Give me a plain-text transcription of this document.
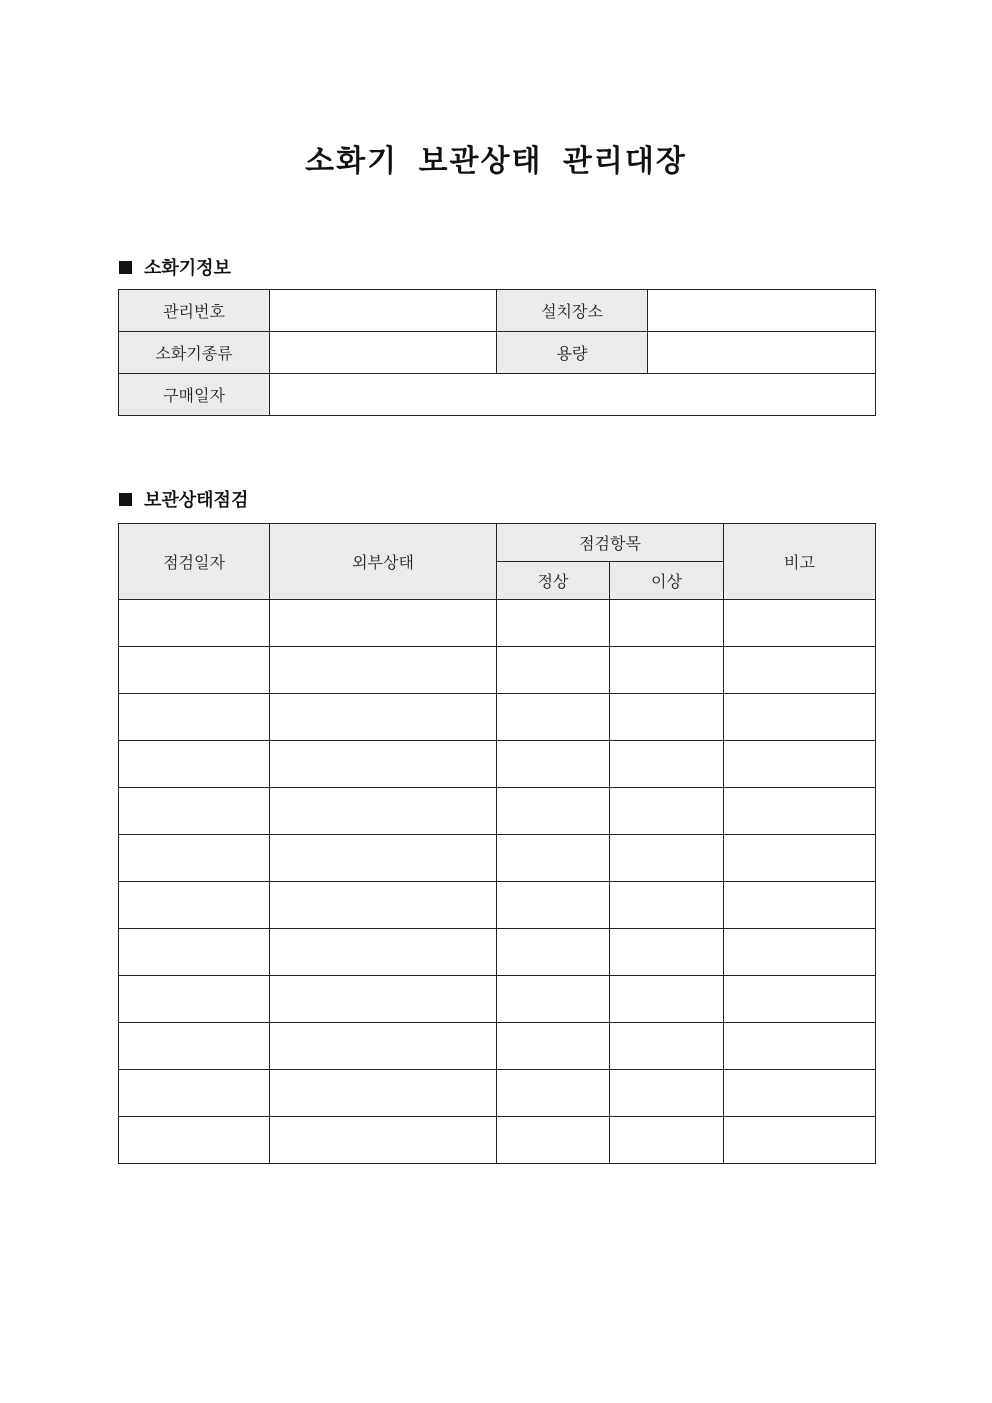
소화기 보관상태 관리대장
소화기정보
관리번호		설치장소	
소화기종류		용량	
구매일자			
보관상태점검
점검일자	외부상태	점검항목		비고
		정상	이상	
